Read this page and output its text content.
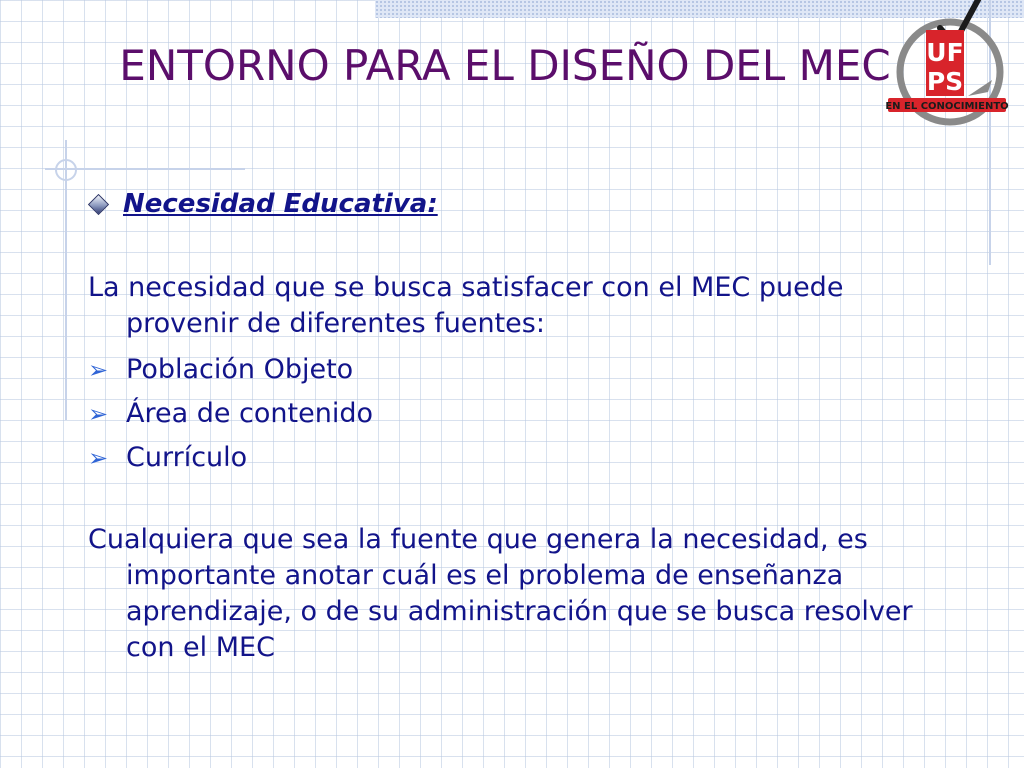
ENTORNO PARA EL DISEÑO DEL MEC	UF
PS
EN EL CONOCIMIENTO
Necesidad Educativa:

La necesidad que se busca satisfacer con el MEC puede provenir de diferentes fuentes:

➢ Población Objeto
➢ Área de contenido
➢ Currículo

Cualquiera que sea la fuente que genera la necesidad, es importante anotar cuál es el problema de enseñanza aprendizaje, o de su administración que se busca resolver con el MEC
